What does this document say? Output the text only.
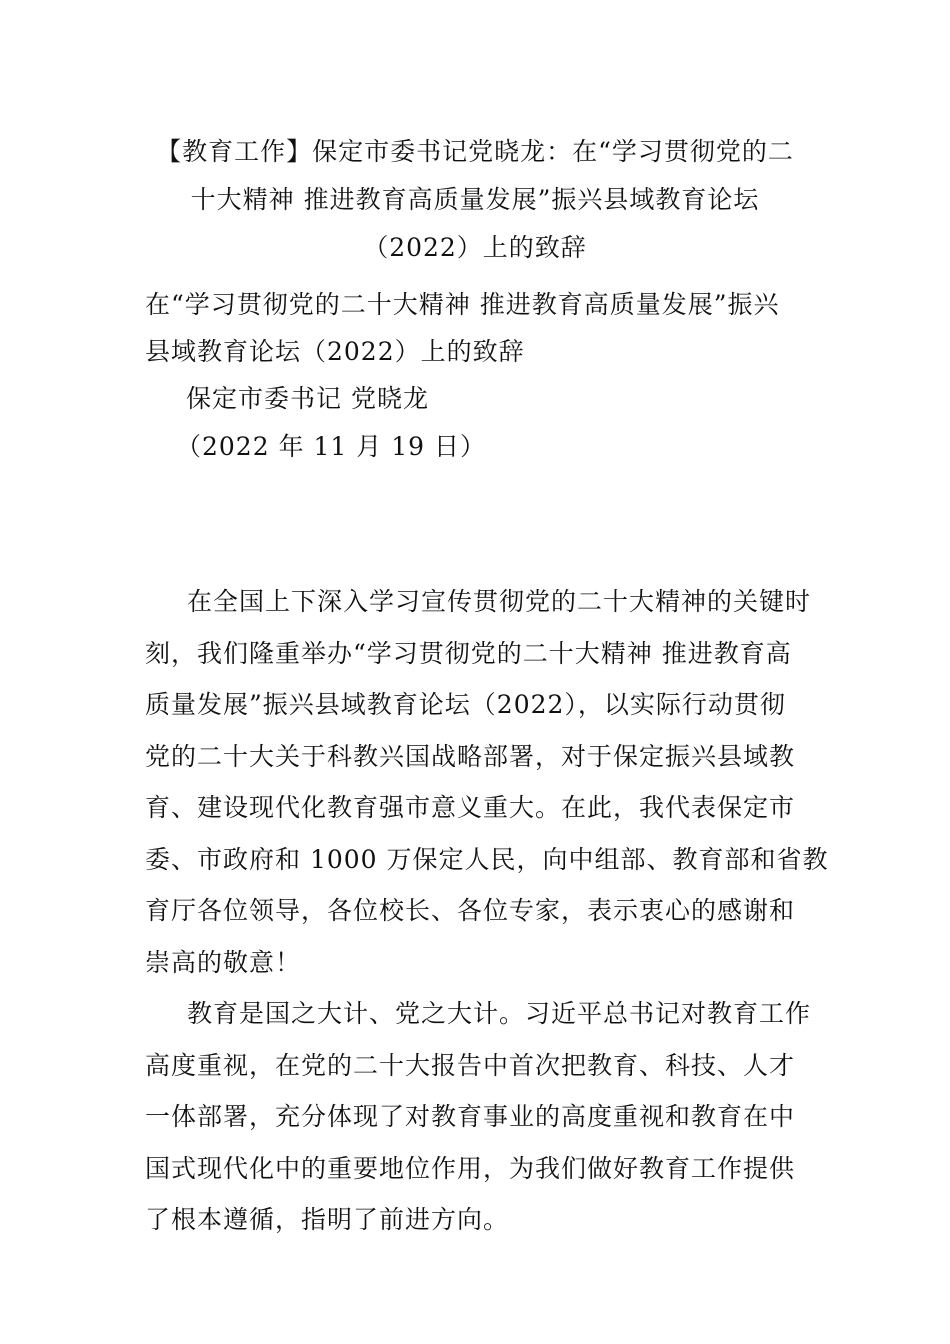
【教育工作】保定市委书记党晓龙：在“学习贯彻党的二
十大精神 推进教育高质量发展”振兴县域教育论坛
（2022）上的致辞
在“学习贯彻党的二十大精神 推进教育高质量发展”振兴
县域教育论坛（2022）上的致辞
保定市委书记 党晓龙
（2022 年 11 月 19 日）

在全国上下深入学习宣传贯彻党的二十大精神的关键时
刻，我们隆重举办“学习贯彻党的二十大精神 推进教育高
质量发展”振兴县域教育论坛（2022），以实际行动贯彻
党的二十大关于科教兴国战略部署，对于保定振兴县域教
育、建设现代化教育强市意义重大。在此，我代表保定市
委、市政府和 1000 万保定人民，向中组部、教育部和省教
育厅各位领导，各位校长、各位专家，表示衷心的感谢和
崇高的敬意！

教育是国之大计、党之大计。习近平总书记对教育工作
高度重视，在党的二十大报告中首次把教育、科技、人才
一体部署，充分体现了对教育事业的高度重视和教育在中
国式现代化中的重要地位作用，为我们做好教育工作提供
了根本遵循，指明了前进方向。
